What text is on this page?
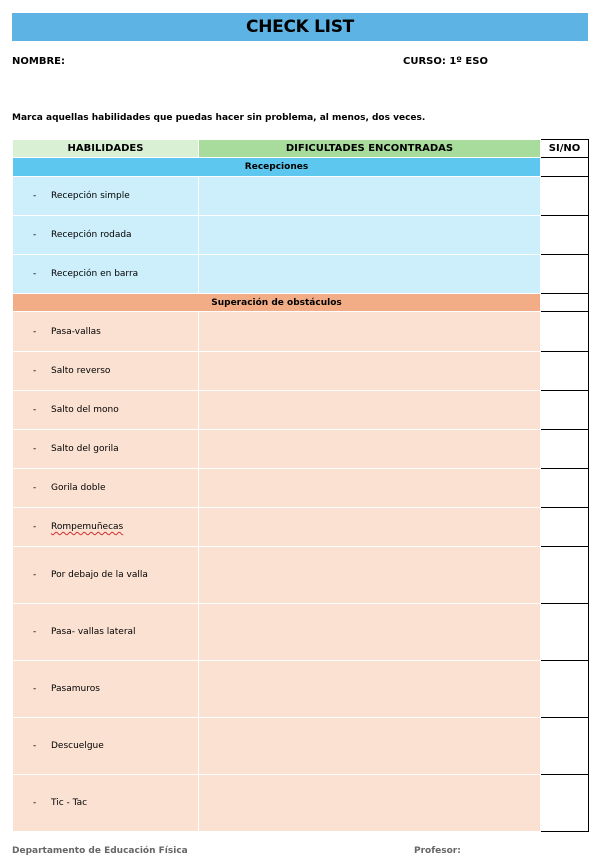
CHECK LIST
NOMBRE:	CURSO: 1º ESO
Marca aquellas habilidades que puedas hacer sin problema, al menos, dos veces.
HABILIDADES	DIFICULTADES ENCONTRADAS	SI/NO
Recepciones		
- Recepción simple		
- Recepción rodada		
- Recepción en barra		
Superación de obstáculos		
- Pasa-vallas		
- Salto reverso		
- Salto del mono		
- Salto del gorila		
- Gorila doble		
- Rompemuñecas		
- Por debajo de la valla		
- Pasa- vallas lateral		
- Pasamuros		
- Descuelgue		
- Tic - Tac		
Departamento de Educación Física	Profesor:
